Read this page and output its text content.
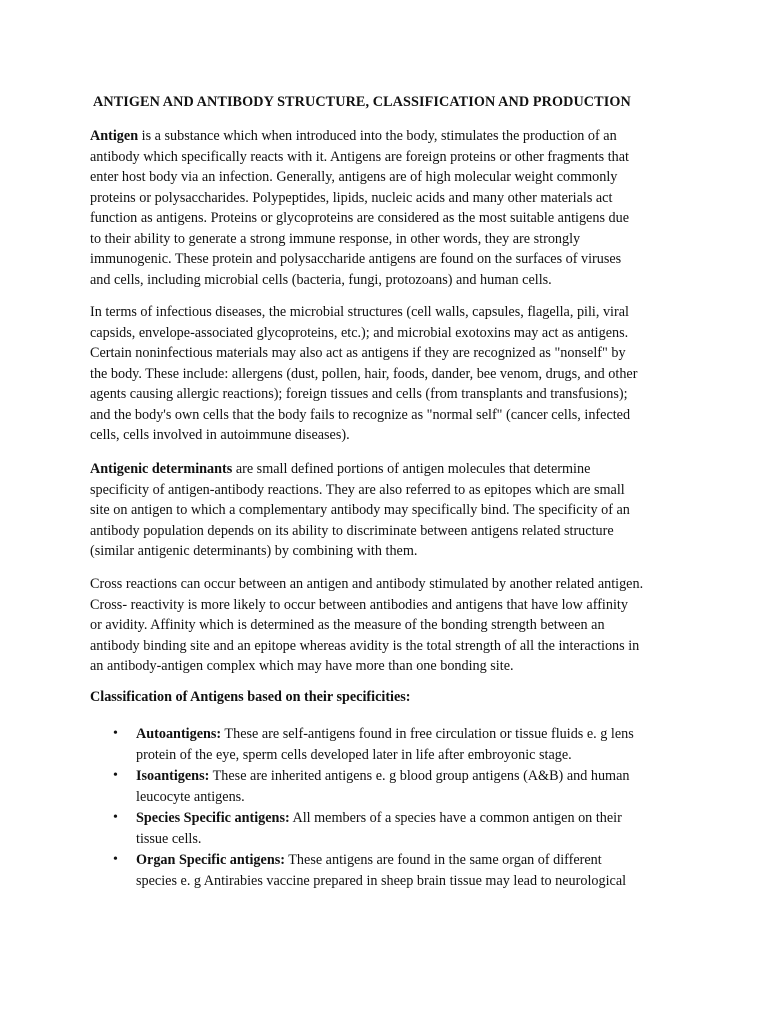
ANTIGEN AND ANTIBODY STRUCTURE, CLASSIFICATION AND PRODUCTION

Antigen is a substance which when introduced into the body, stimulates the production of an
antibody which specifically reacts with it. Antigens are foreign proteins or other fragments that
enter host body via an infection. Generally, antigens are of high molecular weight commonly
proteins or polysaccharides. Polypeptides, lipids, nucleic acids and many other materials act
function as antigens. Proteins or glycoproteins are considered as the most suitable antigens due
to their ability to generate a strong immune response, in other words, they are strongly
immunogenic. These protein and polysaccharide antigens are found on the surfaces of viruses
and cells, including microbial cells (bacteria, fungi, protozoans) and human cells.

In terms of infectious diseases, the microbial structures (cell walls, capsules, flagella, pili, viral
capsids, envelope-associated glycoproteins, etc.); and microbial exotoxins may act as antigens.
Certain noninfectious materials may also act as antigens if they are recognized as "nonself" by
the body. These include: allergens (dust, pollen, hair, foods, dander, bee venom, drugs, and other
agents causing allergic reactions); foreign tissues and cells (from transplants and transfusions);
and the body's own cells that the body fails to recognize as "normal self" (cancer cells, infected
cells, cells involved in autoimmune diseases).

Antigenic determinants are small defined portions of antigen molecules that determine
specificity of antigen-antibody reactions. They are also referred to as epitopes which are small
site on antigen to which a complementary antibody may specifically bind. The specificity of an
antibody population depends on its ability to discriminate between antigens related structure
(similar antigenic determinants) by combining with them.

Cross reactions can occur between an antigen and antibody stimulated by another related antigen.
Cross- reactivity is more likely to occur between antibodies and antigens that have low affinity
or avidity. Affinity which is determined as the measure of the bonding strength between an
antibody binding site and an epitope whereas avidity is the total strength of all the interactions in
an antibody-antigen complex which may have more than one bonding site.

Classification of Antigens based on their specificities:
• Autoantigens: These are self-antigens found in free circulation or tissue fluids e. g lens
protein of the eye, sperm cells developed later in life after embroyonic stage.
• Isoantigens: These are inherited antigens e. g blood group antigens (A&B) and human
leucocyte antigens.
• Species Specific antigens: All members of a species have a common antigen on their
tissue cells.
• Organ Specific antigens: These antigens are found in the same organ of different
species e. g Antirabies vaccine prepared in sheep brain tissue may lead to neurological
